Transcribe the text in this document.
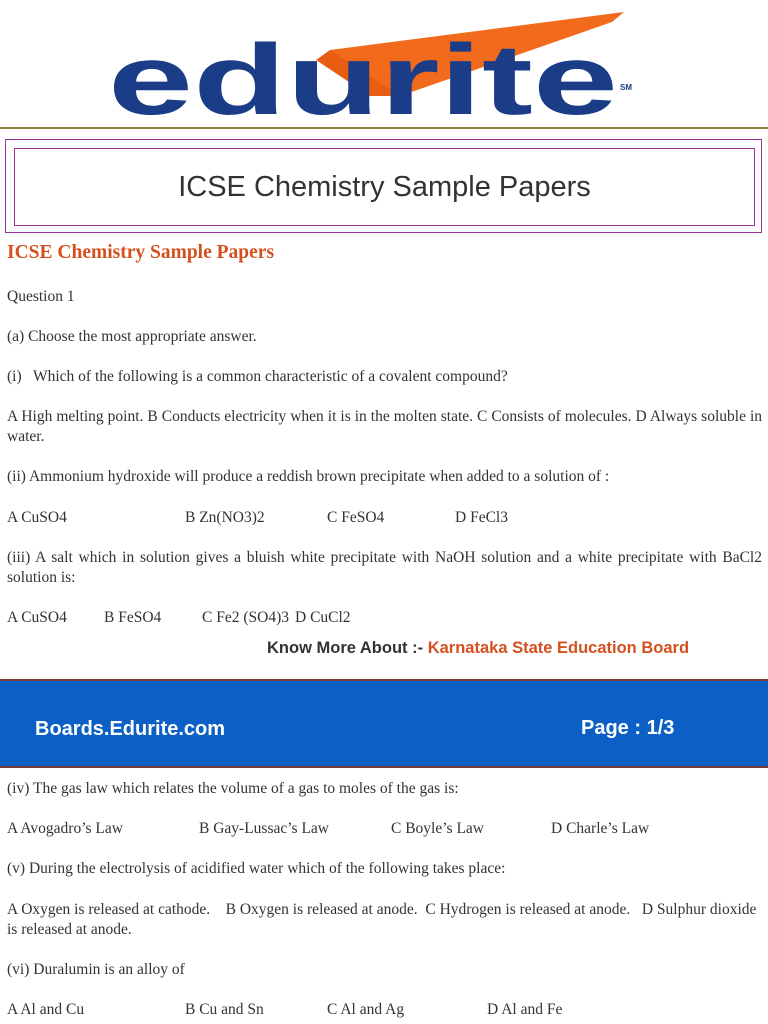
edurite SM
ICSE Chemistry Sample Papers

ICSE Chemistry Sample Papers

Question 1

(a) Choose the most appropriate answer.

(i)   Which of the following is a common characteristic of a covalent compound?

A High melting point. B Conducts electricity when it is in the molten state. C Consists of molecules. D Always soluble in water.

(ii) Ammonium hydroxide will produce a reddish brown precipitate when added to a solution of :

A CuSO4	B Zn(NO3)2	C FeSO4	D FeCl3

(iii) A salt which in solution gives a bluish white precipitate with NaOH solution and a white precipitate with BaCl2 solution is:

A CuSO4	B FeSO4	C Fe2 (SO4)3 D CuCl2
Know More About :- Karnataka State Education Board
Boards.Edurite.com	Page : 1/3

(iv) The gas law which relates the volume of a gas to moles of the gas is:

A Avogadro’s Law	B Gay-Lussac’s Law	C Boyle’s Law	D Charle’s Law

(v) During the electrolysis of acidified water which of the following takes place:

A Oxygen is released at cathode.    B Oxygen is released at anode.  C Hydrogen is released at anode.   D Sulphur dioxide is released at anode.

(vi) Duralumin is an alloy of

A Al and Cu	B Cu and Sn	C Al and Ag	D Al and Fe
